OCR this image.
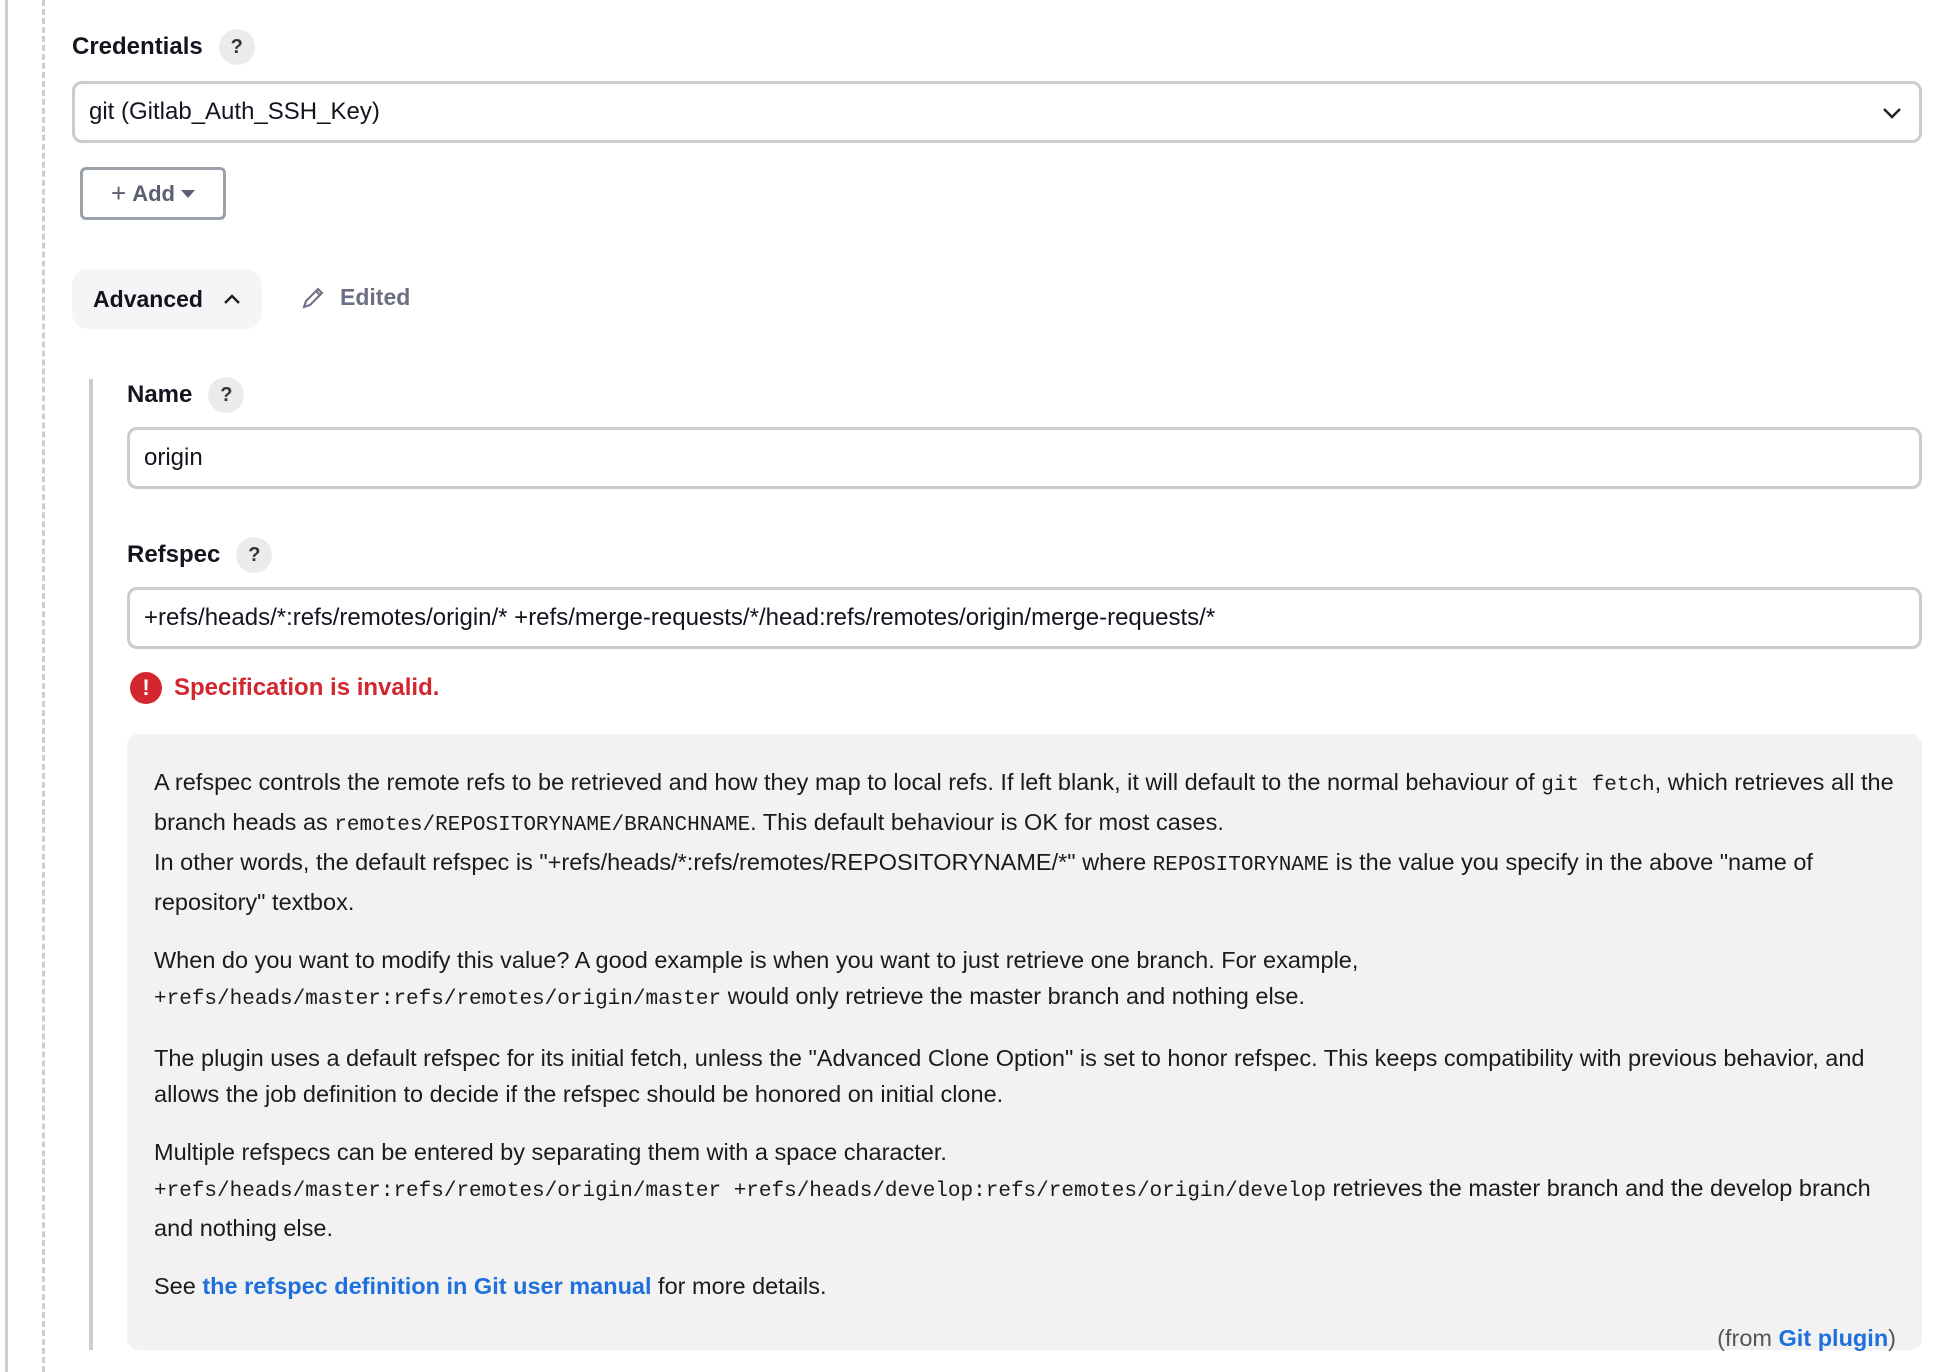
Credentials	?
git (Gitlab_Auth_SSH_Key)
+ Add
Advanced	Edited
Name	?
origin
Refspec	?
+refs/heads/*:refs/remotes/origin/* +refs/merge-requests/*/head:refs/remotes/origin/merge-requests/*
!	Specification is invalid.

A refspec controls the remote refs to be retrieved and how they map to local refs. If left blank, it will default to the normal behaviour of git fetch, which retrieves all the branch heads as remotes/REPOSITORYNAME/BRANCHNAME. This default behaviour is OK for most cases.
In other words, the default refspec is "+refs/heads/*:refs/remotes/REPOSITORYNAME/*" where REPOSITORYNAME is the value you specify in the above "name of repository" textbox.

When do you want to modify this value? A good example is when you want to just retrieve one branch. For example,
+refs/heads/master:refs/remotes/origin/master would only retrieve the master branch and nothing else.

The plugin uses a default refspec for its initial fetch, unless the "Advanced Clone Option" is set to honor refspec. This keeps compatibility with previous behavior, and allows the job definition to decide if the refspec should be honored on initial clone.

Multiple refspecs can be entered by separating them with a space character.
+refs/heads/master:refs/remotes/origin/master +refs/heads/develop:refs/remotes/origin/develop retrieves the master branch and the develop branch and nothing else.

See the refspec definition in Git user manual for more details.

(from Git plugin)
